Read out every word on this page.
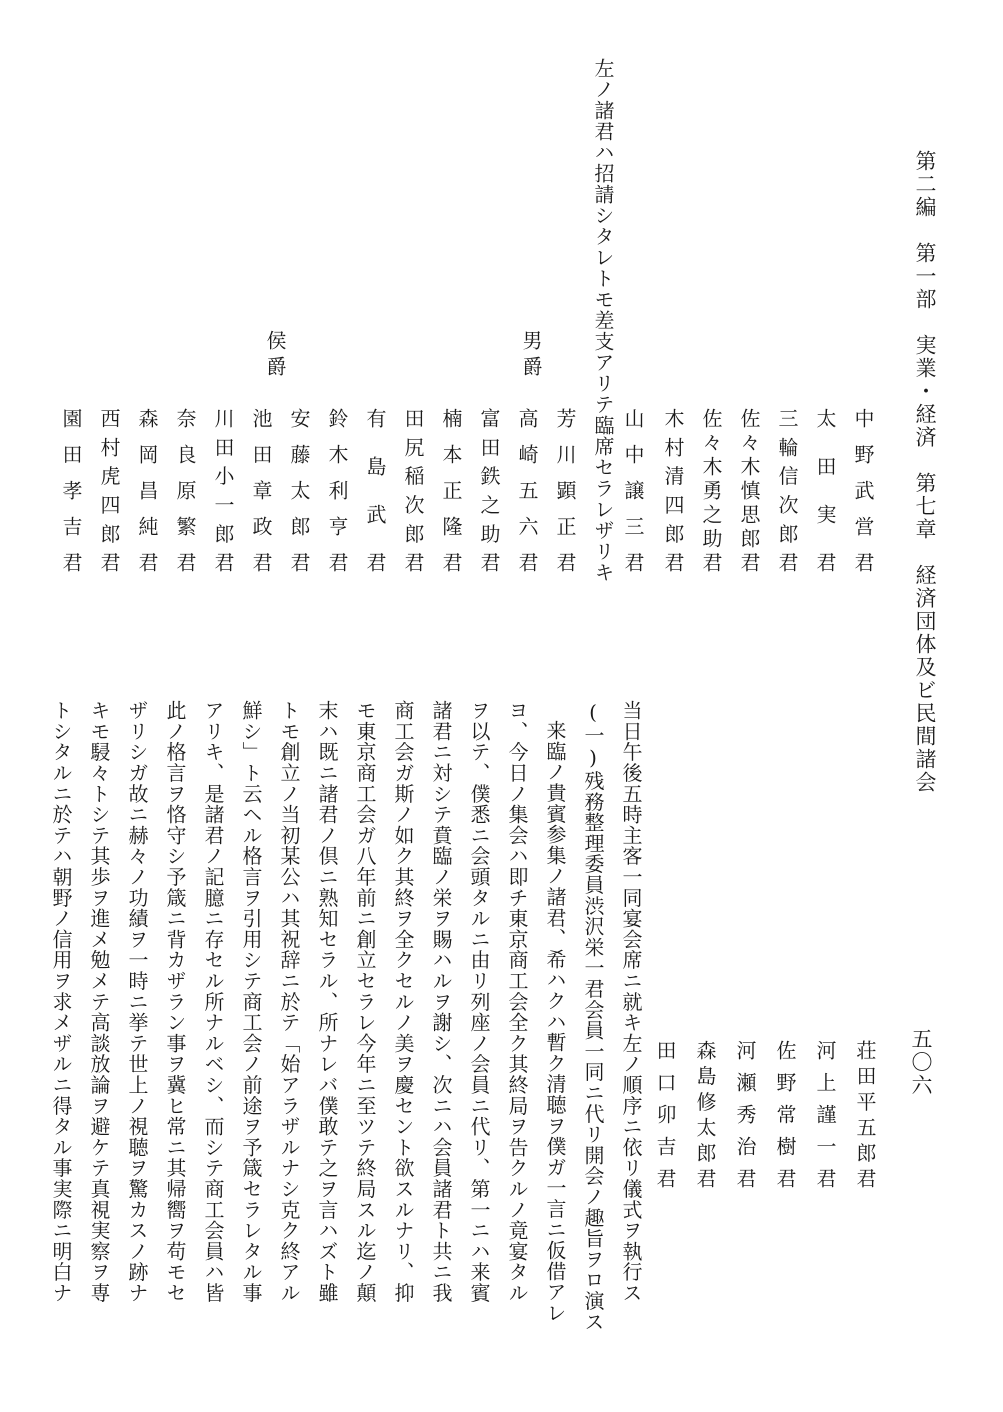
第二編　第一部　実業・経済　第七章　経済団体及ビ民間諸会
五〇六
中野武営君
太田実君
三輪信次郎君
佐々木慎思郎君
佐々木勇之助君
木村清四郎君
山中譲三君
左ノ諸君ハ招請シタレトモ差支アリテ臨席セラレザリキ
男爵
侯爵
芳川顕正君
高崎五六君
富田鉄之助君
楠本正隆君
田尻稲次郎君
有島武君
鈴木利亨君
安藤太郎君
池田章政君
川田小一郎君
奈良原繁君
森岡昌純君
西村虎四郎君
園田孝吉君
荘田平五郎君
河上謹一君
佐野常樹君
河瀬秀治君
森島修太郎君
田口卯吉君
当日午後五時主客一同宴会席ニ就キ左ノ順序ニ依リ儀式ヲ執行ス
(一)残務整理委員渋沢栄一君会員一同ニ代リ開会ノ趣旨ヲロ演ス
来臨ノ貴賓参集ノ諸君、希ハクハ暫ク清聴ヲ僕ガ一言ニ仮借アレ
ヨ、今日ノ集会ハ即チ東京商工会全ク其終局ヲ告クルノ竟宴タル
ヲ以テ、僕悉ニ会頭タルニ由リ列座ノ会員ニ代リ、第一ニハ来賓
諸君ニ対シテ賁臨ノ栄ヲ賜ハルヲ謝シ、次ニハ会員諸君ト共ニ我
商工会ガ斯ノ如ク其終ヲ全クセルノ美ヲ慶セント欲スルナリ、抑
モ東京商工会ガ八年前ニ創立セラレ今年ニ至ツテ終局スル迄ノ顛
末ハ既ニ諸君ノ倶ニ熟知セラル、所ナレバ僕敢テ之ヲ言ハズト雖
トモ創立ノ当初某公ハ其祝辞ニ於テ「始アラザルナシ克ク終アル
鮮シ」ト云ヘル格言ヲ引用シテ商工会ノ前途ヲ予箴セラレタル事
アリキ、是諸君ノ記臆ニ存セル所ナルベシ、而シテ商工会員ハ皆
此ノ格言ヲ恪守シ予箴ニ背カザラン事ヲ冀ヒ常ニ其帰嚮ヲ苟モセ
ザリシガ故ニ赫々ノ功績ヲ一時ニ挙テ世上ノ視聴ヲ驚カスノ跡ナ
キモ駸々トシテ其歩ヲ進メ勉メテ高談放論ヲ避ケテ真視実察ヲ専
トシタルニ於テハ朝野ノ信用ヲ求メザルニ得タル事実際ニ明白ナ
